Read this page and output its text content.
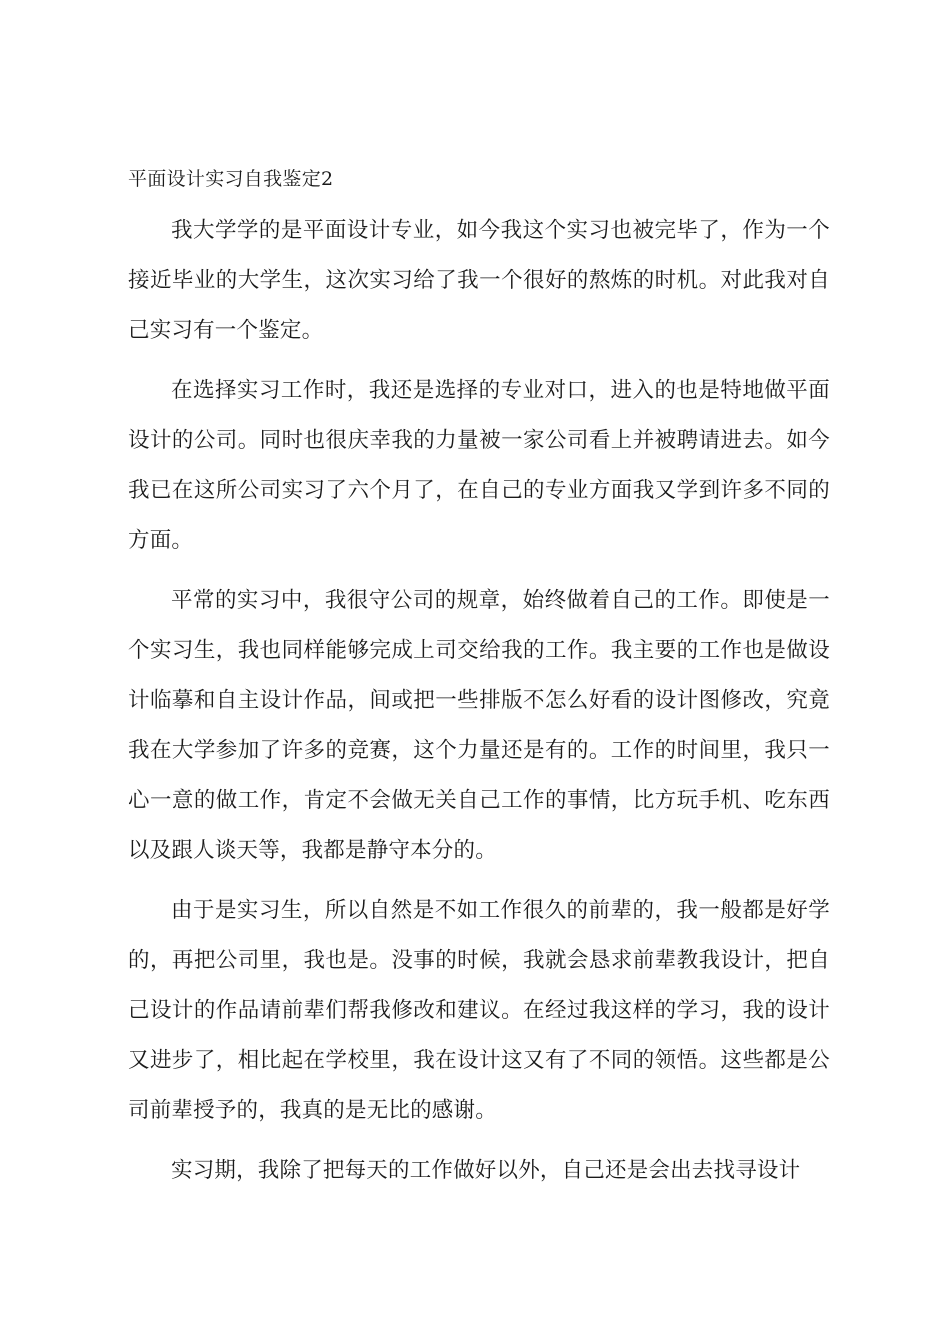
平面设计实习自我鉴定2

我大学学的是平面设计专业，如今我这个实习也被完毕了，作为一个接近毕业的大学生，这次实习给了我一个很好的熬炼的时机。对此我对自己实习有一个鉴定。

在选择实习工作时，我还是选择的专业对口，进入的也是特地做平面设计的公司。同时也很庆幸我的力量被一家公司看上并被聘请进去。如今我已在这所公司实习了六个月了，在自己的专业方面我又学到许多不同的方面。

平常的实习中，我很守公司的规章，始终做着自己的工作。即使是一个实习生，我也同样能够完成上司交给我的工作。我主要的工作也是做设计临摹和自主设计作品，间或把一些排版不怎么好看的设计图修改，究竟我在大学参加了许多的竞赛，这个力量还是有的。工作的时间里，我只一心一意的做工作，肯定不会做无关自己工作的事情，比方玩手机、吃东西以及跟人谈天等，我都是静守本分的。

由于是实习生，所以自然是不如工作很久的前辈的，我一般都是好学的，再把公司里，我也是。没事的时候，我就会恳求前辈教我设计，把自己设计的作品请前辈们帮我修改和建议。在经过我这样的学习，我的设计又进步了，相比起在学校里，我在设计这又有了不同的领悟。这些都是公司前辈授予的，我真的是无比的感谢。

实习期，我除了把每天的工作做好以外，自己还是会出去找寻设计
